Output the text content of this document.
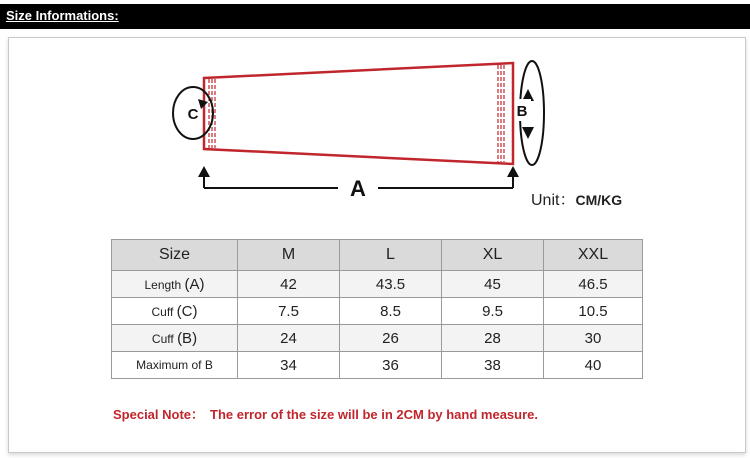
Size Informations:
C	B
A	Unit：CM/KG
Size	M	L	XL	XXL
Length (A)	42	43.5	45	46.5
Cuff (C)	7.5	8.5	9.5	10.5
Cuff (B)	24	26	28	30
Maximum of B	34	36	38	40
Special Note： The error of the size will be in 2CM by hand measure.
